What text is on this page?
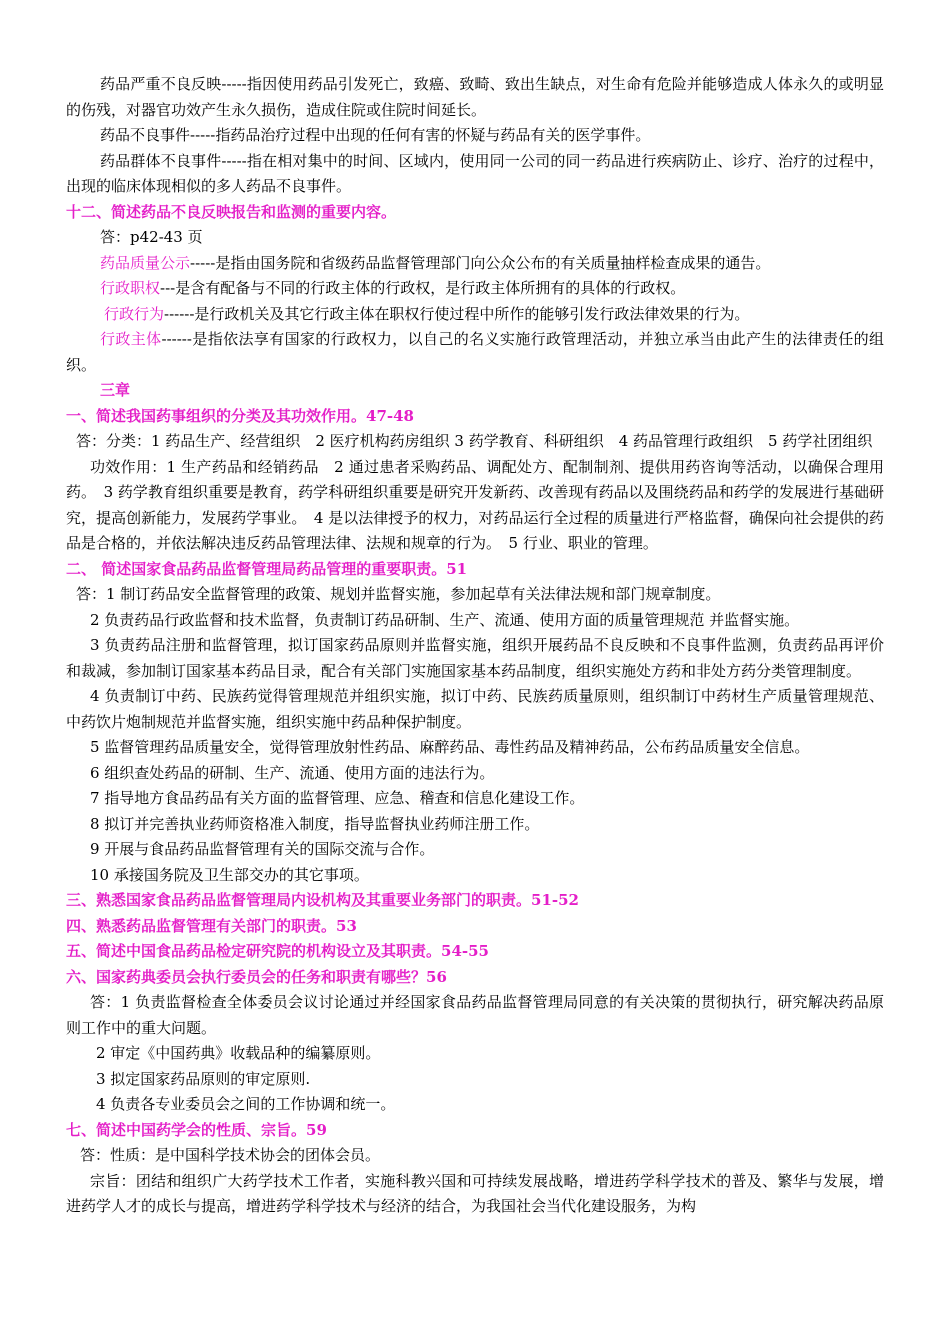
药品严重不良反映-----指因使用药品引发死亡，致癌、致畸、致出生缺点，对生命有危险并能够造成人体永久的或明显的伤残，对器官功效产生永久损伤，造成住院或住院时间延长。

药品不良事件-----指药品治疗过程中出现的任何有害的怀疑与药品有关的医学事件。

药品群体不良事件-----指在相对集中的时间、区域内，使用同一公司的同一药品进行疾病防止、诊疗、治疗的过程中，出现的临床体现相似的多人药品不良事件。

十二、简述药品不良反映报告和监测的重要内容。

答：p42-43 页

药品质量公示-----是指由国务院和省级药品监督管理部门向公众公布的有关质量抽样检查成果的通告。

行政职权---是含有配备与不同的行政主体的行政权，是行政主体所拥有的具体的行政权。

行政行为------是行政机关及其它行政主体在职权行使过程中所作的能够引发行政法律效果的行为。

行政主体------是指依法享有国家的行政权力，以自己的名义实施行政管理活动，并独立承当由此产生的法律责任的组织。

三章

一、简述我国药事组织的分类及其功效作用。47-48

答：分类：1 药品生产、经营组织　2 医疗机构药房组织 3 药学教育、科研组织　4 药品管理行政组织　5 药学社团组织

功效作用：1 生产药品和经销药品　2 通过患者采购药品、调配处方、配制制剂、提供用药咨询等活动，以确保合理用药。　3 药学教育组织重要是教育，药学科研组织重要是研究开发新药、改善现有药品以及围绕药品和药学的发展进行基础研究，提高创新能力，发展药学事业。　4 是以法律授予的权力，对药品运行全过程的质量进行严格监督，确保向社会提供的药品是合格的，并依法解决违反药品管理法律、法规和规章的行为。　5 行业、职业的管理。

二、 简述国家食品药品监督管理局药品管理的重要职责。51

答：1 制订药品安全监督管理的政策、规划并监督实施，参加起草有关法律法规和部门规章制度。

2 负责药品行政监督和技术监督，负责制订药品研制、生产、流通、使用方面的质量管理规范 并监督实施。

3 负责药品注册和监督管理，拟订国家药品原则并监督实施，组织开展药品不良反映和不良事件监测，负责药品再评价和裁减，参加制订国家基本药品目录，配合有关部门实施国家基本药品制度，组织实施处方药和非处方药分类管理制度。

4 负责制订中药、民族药觉得管理规范并组织实施，拟订中药、民族药质量原则，组织制订中药材生产质量管理规范、中药饮片炮制规范并监督实施，组织实施中药品种保护制度。

5 监督管理药品质量安全，觉得管理放射性药品、麻醉药品、毒性药品及精神药品，公布药品质量安全信息。

6 组织查处药品的研制、生产、流通、使用方面的违法行为。

7 指导地方食品药品有关方面的监督管理、应急、稽查和信息化建设工作。

8 拟订并完善执业药师资格准入制度，指导监督执业药师注册工作。

9 开展与食品药品监督管理有关的国际交流与合作。

10 承接国务院及卫生部交办的其它事项。

三、熟悉国家食品药品监督管理局内设机构及其重要业务部门的职责。51-52

四、熟悉药品监督管理有关部门的职责。53

五、简述中国食品药品检定研究院的机构设立及其职责。54-55

六、国家药典委员会执行委员会的任务和职责有哪些？56

答：1 负责监督检查全体委员会议讨论通过并经国家食品药品监督管理局同意的有关决策的贯彻执行，研究解决药品原则工作中的重大问题。

2 审定《中国药典》收载品种的编纂原则。

3 拟定国家药品原则的审定原则.

4 负责各专业委员会之间的工作协调和统一。

七、简述中国药学会的性质、宗旨。59

答：性质：是中国科学技术协会的团体会员。

宗旨：团结和组织广大药学技术工作者，实施科教兴国和可持续发展战略，增进药学科学技术的普及、繁华与发展，增进药学人才的成长与提高，增进药学科学技术与经济的结合，为我国社会当代化建设服务，为构
